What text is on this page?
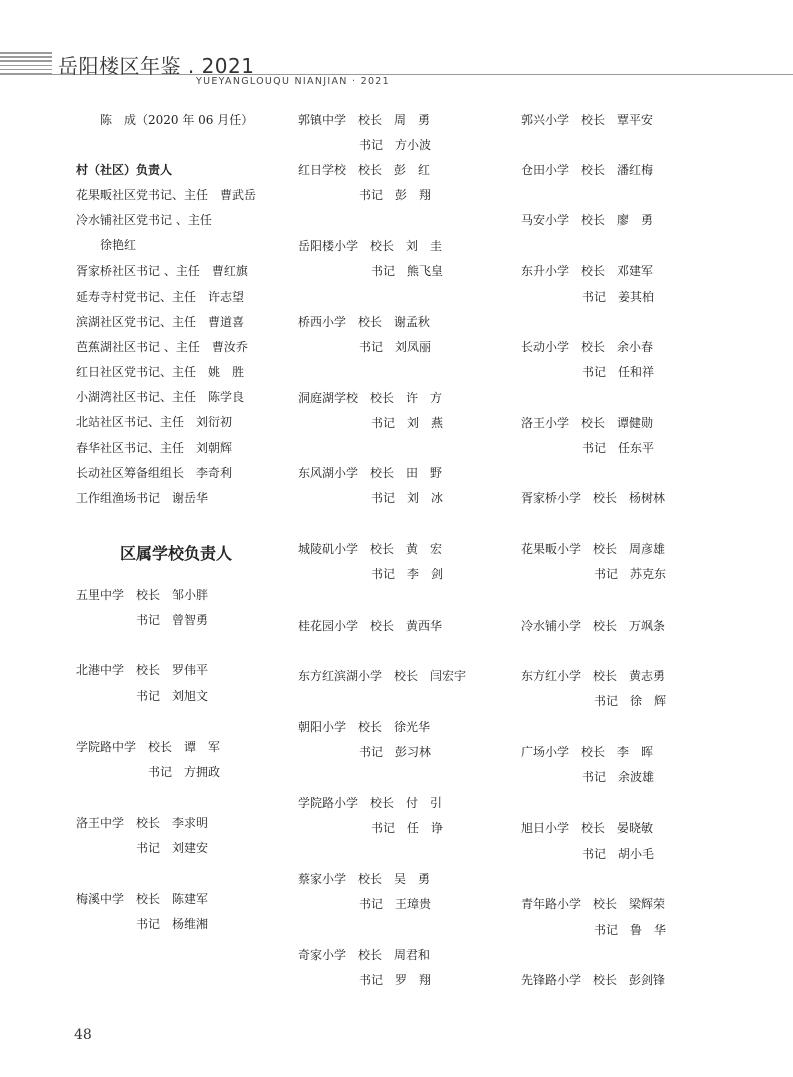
岳阳楼区年鉴 . 2021
YUEYANGLOUQU NIANJIAN · 2021
陈　成（2020 年 06 月任）
村（社区）负责人
花果畈社区党书记、主任　曹武岳
冷水铺社区党书记 、主任
徐艳红
胥家桥社区书记 、主任　曹红旗
延寿寺村党书记、主任　许志望
滨湖社区党书记、主任　曹道喜
芭蕉湖社区书记 、主任　曹汝乔
红日社区党书记、主任　姚　胜
小湖湾社区书记、主任　陈学良
北站社区书记、主任　刘衍初
春华社区书记、主任　刘朝辉
长动社区筹备组组长　李奇利
工作组渔场书记　谢岳华
区属学校负责人
五里中学　校长　邹小胖
书记　曾智勇
北港中学　校长　罗伟平
书记　刘旭文
学院路中学　校长　谭　军
书记　方拥政
洛王中学　校长　李求明
书记　刘建安
梅溪中学　校长　陈建军
书记　杨维湘
郭镇中学　校长　周　勇
书记　方小波
红日学校　校长　彭　红
书记　彭　翔
岳阳楼小学　校长　刘　圭
书记　熊飞皇
桥西小学　校长　谢孟秋
书记　刘凤丽
洞庭湖学校　校长　许　方
书记　刘　燕
东风湖小学　校长　田　野
书记　刘　冰
城陵矶小学　校长　黄　宏
书记　李　剑
桂花园小学　校长　黄西华
东方红滨湖小学　校长　闫宏宇
朝阳小学　校长　徐光华
书记　彭习林
学院路小学　校长　付　引
书记　任　诤
蔡家小学　校长　吴　勇
书记　王璋贵
奇家小学　校长　周君和
书记　罗　翔
郭兴小学　校长　覃平安
仓田小学　校长　潘红梅
马安小学　校长　廖　勇
东升小学　校长　邓建军
书记　姜其柏
长动小学　校长　余小春
书记　任和祥
洛王小学　校长　谭健勋
书记　任东平
胥家桥小学　校长　杨树林
花果畈小学　校长　周彦雄
书记　苏克东
冷水铺小学　校长　万飒条
东方红小学　校长　黄志勇
书记　徐　辉
广场小学　校长　李　晖
书记　余波雄
旭日小学　校长　晏晓敏
书记　胡小毛
青年路小学　校长　梁辉荣
书记　鲁　华
先锋路小学　校长　彭剑锋
48
